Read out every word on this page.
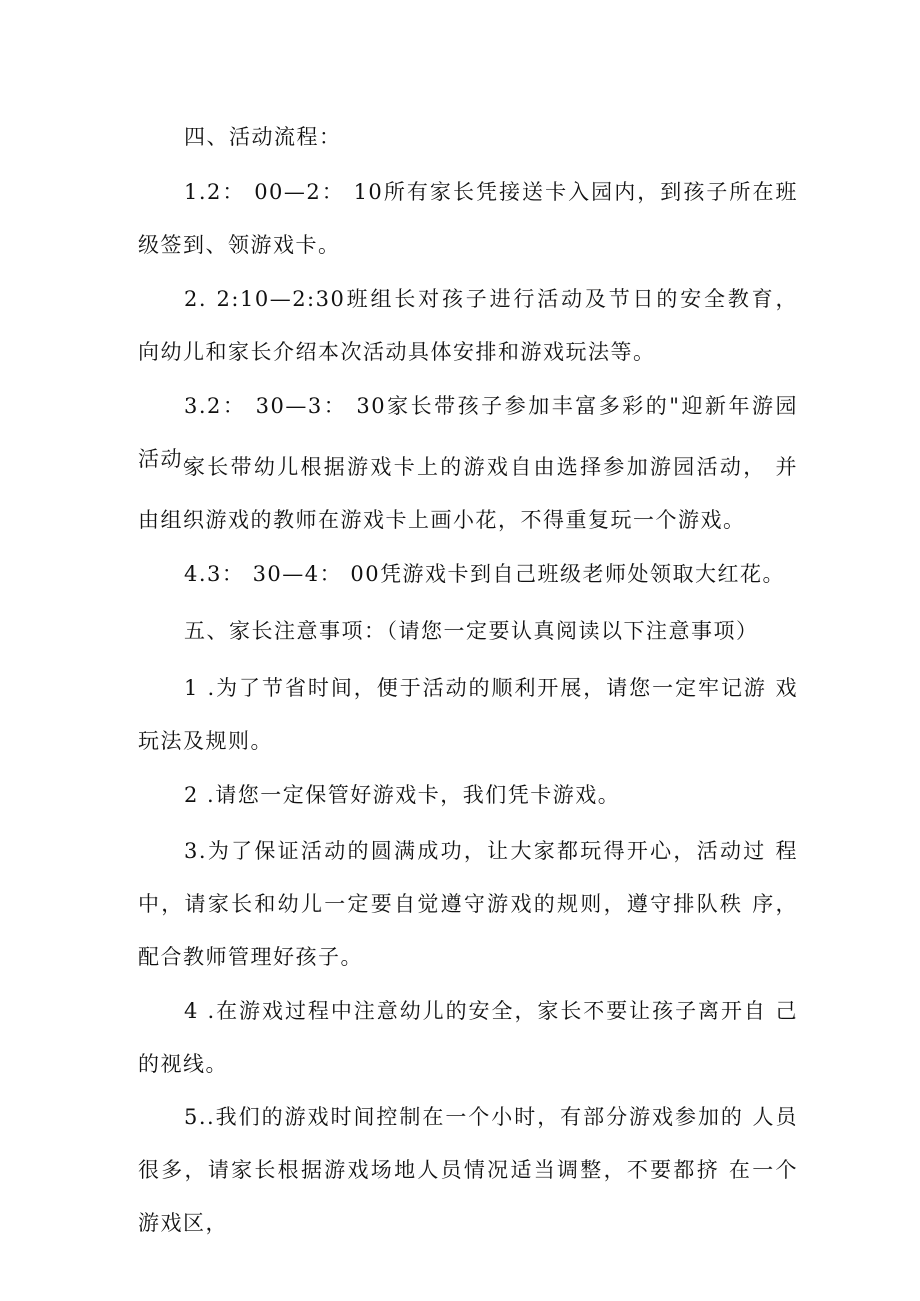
四、活动流程：

1.2： 00—2： 10所有家长凭接送卡入园内，到孩子所在班 级签到、领游戏卡。

2. 2:10—2:30班组长对孩子进行活动及节日的安全教育， 向幼儿和家长介绍本次活动具体安排和游戏玩法等。

3.2： 30—3： 30家长带孩子参加丰富多彩的"迎新年游园 活动。

家长带幼儿根据游戏卡上的游戏自由选择参加游园活动， 并由组织游戏的教师在游戏卡上画小花，不得重复玩一个游戏。

4.3： 30—4： 00凭游戏卡到自己班级老师处领取大红花。

五、家长注意事项：（请您一定要认真阅读以下注意事项）

1 .为了节省时间，便于活动的顺利开展，请您一定牢记游 戏玩法及规则。

2 .请您一定保管好游戏卡，我们凭卡游戏。

3.为了保证活动的圆满成功，让大家都玩得开心，活动过 程中，请家长和幼儿一定要自觉遵守游戏的规则，遵守排队秩 序，配合教师管理好孩子。

4 .在游戏过程中注意幼儿的安全，家长不要让孩子离开自 己的视线。

5..我们的游戏时间控制在一个小时，有部分游戏参加的 人员很多，请家长根据游戏场地人员情况适当调整，不要都挤 在一个游戏区，
